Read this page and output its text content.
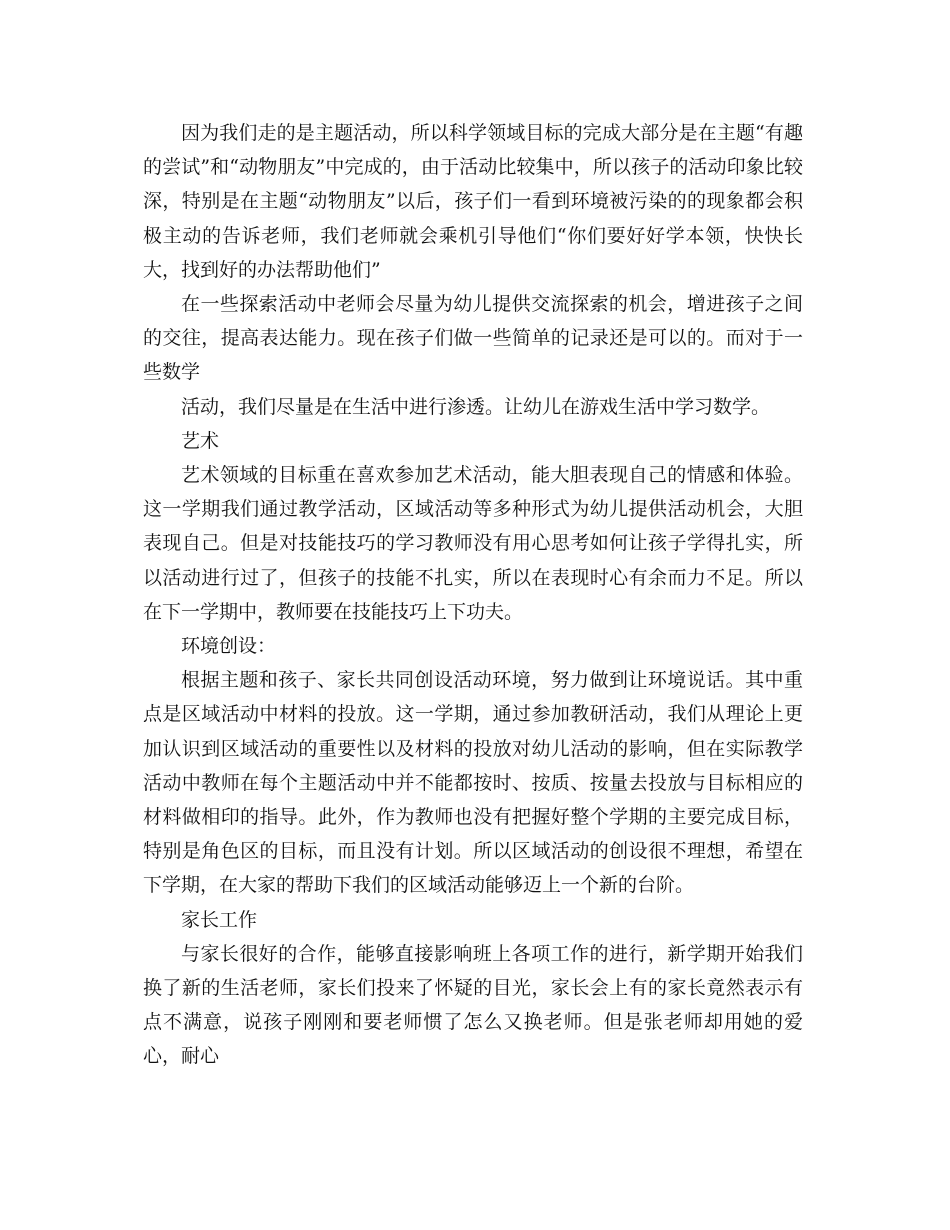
因为我们走的是主题活动，所以科学领域目标的完成大部分是在主题“有趣的尝试”和“动物朋友”中完成的，由于活动比较集中，所以孩子的活动印象比较深，特别是在主题“动物朋友”以后，孩子们一看到环境被污染的的现象都会积极主动的告诉老师，我们老师就会乘机引导他们“你们要好好学本领，快快长大，找到好的办法帮助他们”

在一些探索活动中老师会尽量为幼儿提供交流探索的机会，增进孩子之间的交往，提高表达能力。现在孩子们做一些简单的记录还是可以的。而对于一些数学

活动，我们尽量是在生活中进行渗透。让幼儿在游戏生活中学习数学。

艺术

艺术领域的目标重在喜欢参加艺术活动，能大胆表现自己的情感和体验。这一学期我们通过教学活动，区域活动等多种形式为幼儿提供活动机会，大胆表现自己。但是对技能技巧的学习教师没有用心思考如何让孩子学得扎实，所以活动进行过了，但孩子的技能不扎实，所以在表现时心有余而力不足。所以在下一学期中，教师要在技能技巧上下功夫。

环境创设：

根据主题和孩子、家长共同创设活动环境，努力做到让环境说话。其中重点是区域活动中材料的投放。这一学期，通过参加教研活动，我们从理论上更加认识到区域活动的重要性以及材料的投放对幼儿活动的影响，但在实际教学活动中教师在每个主题活动中并不能都按时、按质、按量去投放与目标相应的材料做相印的指导。此外，作为教师也没有把握好整个学期的主要完成目标，特别是角色区的目标，而且没有计划。所以区域活动的创设很不理想，希望在下学期，在大家的帮助下我们的区域活动能够迈上一个新的台阶。

家长工作

与家长很好的合作，能够直接影响班上各项工作的进行，新学期开始我们换了新的生活老师，家长们投来了怀疑的目光，家长会上有的家长竟然表示有点不满意，说孩子刚刚和要老师惯了怎么又换老师。但是张老师却用她的爱心，耐心
